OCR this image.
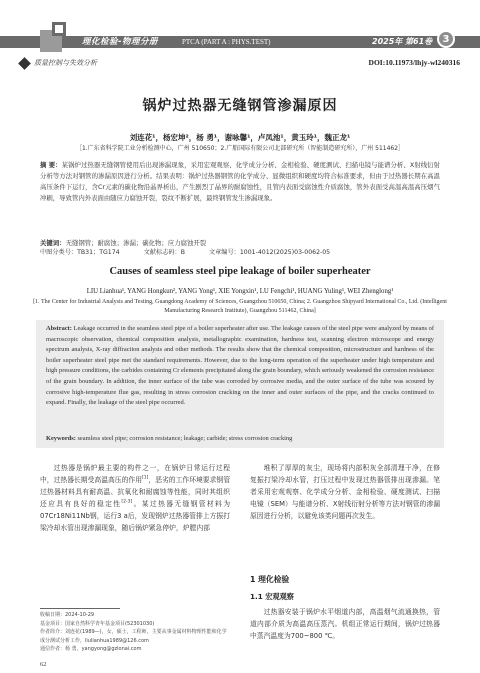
理化检验-物理分册	PTCA (PART A : PHYS.TEST)	2025年 第61卷	3
质量控制与失效分析	DOI:10.11973/lhjy-wl240316
锅炉过热器无缝钢管渗漏原因
刘连花¹，杨宏坤²，杨 勇¹，谢咏馨¹，卢凤池¹，黄玉玲¹，魏正龙¹
［1.广东省科学院工业分析检测中心，广州 510650；2.广船国际有限公司北部研究所（智能制造研究所），广州 511462］
摘 要：某锅炉过热器无缝钢管使用后出现渗漏现象，采用宏观观察、化学成分分析、金相检验、硬度测试、扫描电镜与能谱分析、X射线衍射分析等方法对钢管的渗漏原因进行分析。结果表明：锅炉过热器钢管的化学成分、显微组织和硬度均符合标准要求，但由于过热器长期在高温高压条件下运行，含Cr元素的碳化物沿晶界析出，产生剧烈了晶界的耐腐蚀性，且管内表面受腐蚀性介质腐蚀，管外表面受高温高温高压烟气冲刷，导致管内外表面由随应力腐蚀开裂，裂纹不断扩展，最终钢管发生渗漏现象。
关键词：无缝钢管；耐腐蚀；渗漏；碳化物；应力腐蚀开裂
中图分类号：TB31；TG174	文献标志码：B	文章编号：1001-4012(2025)03-0062-05
Causes of seamless steel pipe leakage of boiler superheater
LIU Lianhua¹, YANG Hongkun², YANG Yong¹, XIE Yongxin¹, LU Fengchi¹, HUANG Yuling¹, WEI Zhenglong¹
[1. The Center for Industrial Analysis and Testing, Guangdong Academy of Sciences, Guangzhou 510650, China; 2. Guangzhou Shipyard International Co., Ltd. (Intelligent Manufacturing Research Institute), Guangzhou 511462, China]
Abstract: Leakage occurred in the seamless steel pipe of a boiler superheater after use. The leakage causes of the steel pipe were analyzed by means of macroscopic observation, chemical composition analysis, metallographic examination, hardness test, scanning electron microscope and energy spectrum analysis, X-ray diffraction analysis and other methods. The results show that the chemical composition, microstructure and hardness of the boiler superheater steel pipe met the standard requirements. However, due to the long-term operation of the superheater under high temperature and high pressure conditions, the carbides containing Cr elements precipitated along the grain boundary, which seriously weakened the corrosion resistance of the grain boundary. In addition, the inner surface of the tube was corroded by corrosive media, and the outer surface of the tube was scoured by corrosive high-temperature flue gas, resulting in stress corrosion cracking on the inner and outer surfaces of the pipe, and the cracks continued to expand. Finally, the leakage of the steel pipe occurred.
Keywords: seamless steel pipe; corrosion resistance; leakage; carbide; stress corrosion cracking

过热器是锅炉最主要的构件之一，在锅炉日常运行过程中，过热器长期受高温高压的作用[1]，恶劣的工作环境要求钢管过热器材料具有耐高温、抗氧化和耐腐蚀等性能，同时其组织还应具有良好的稳定性[2-3]。某过热器无缝钢管材料为07Cr18Ni11Nb钢，运行3 a后，发现钢炉过热器管排上方振打梁冷却水管出现渗漏现象，随后锅炉紧急停炉，炉膛内部

堆积了厚厚的灰尘，现场将内部积灰全部清理干净，在修复振打梁冷却水管，打压过程中发现过热器管排出现渗漏。笔者采用宏观观察、化学成分分析、金相检验、硬度测试、扫描电镜（SEM）与能谱分析、X射线衍射分析等方法对钢管的渗漏原因进行分析，以避免该类问题再次发生。

1 理化检验
1.1 宏观观察
过热器安装于锅炉水平烟道内部，高温烟气流通换热，管道内部介质为高温高压蒸汽。机组正常运行期间，锅炉过热器中蒸汽温度为700~800 ℃。
收稿日期：2024-10-29
基金项目：国家自然科学青年基金项目(52301030)
作者简介：刘连花(1989—)，女，硕士，工程师，主要从事金属材料物理性能和化学成分测试分析工作，liulianhua1989@126.com
通信作者：杨 勇，yangyong@gzlonai.com
62
